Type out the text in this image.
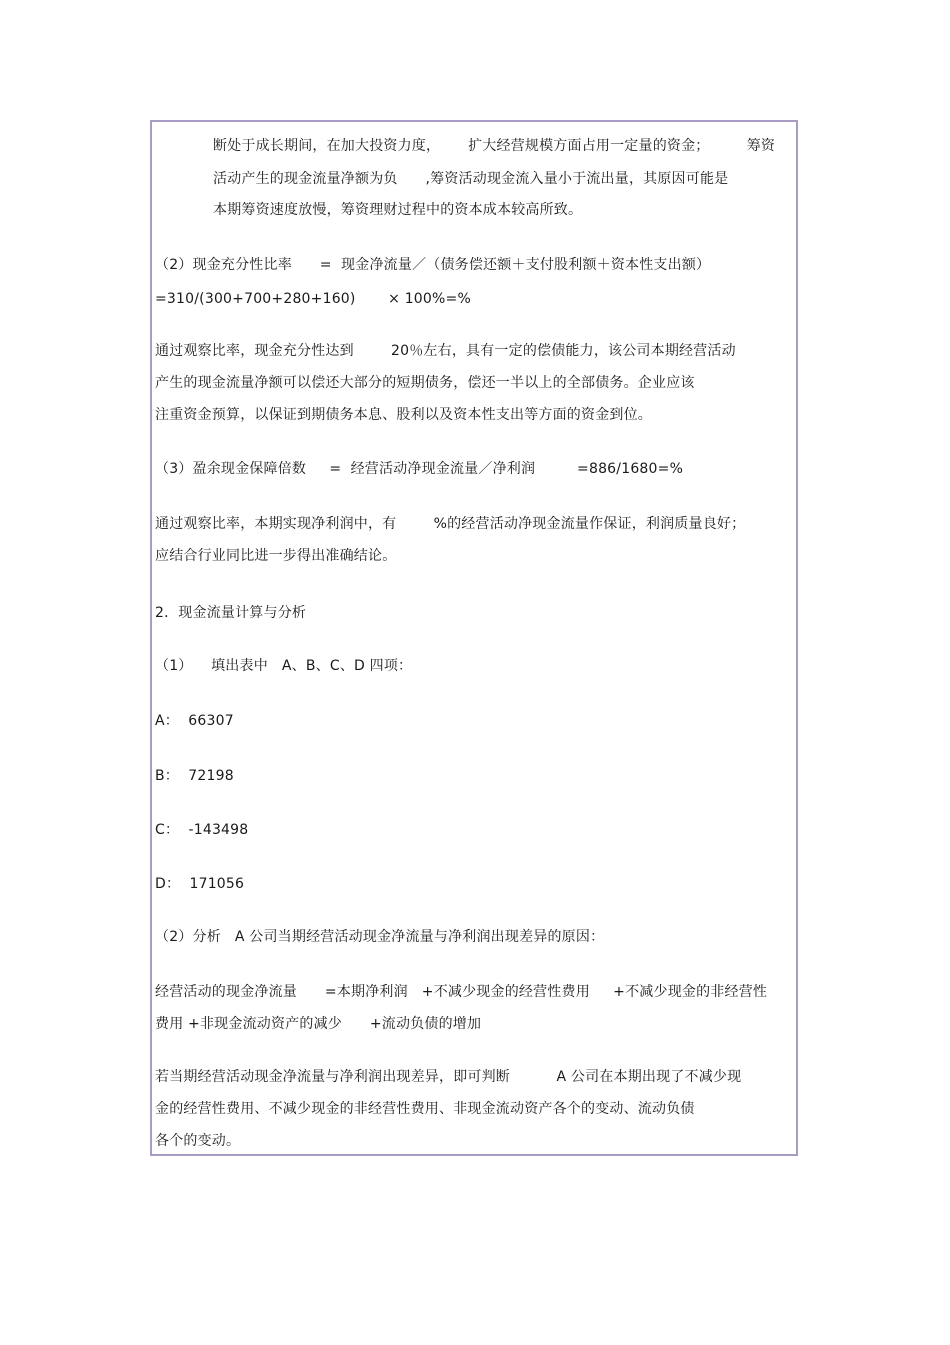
断处于成长期间，在加大投资力度，      扩大经营规模方面占用一定量的资金；        筹资
活动产生的现金流量净额为负      ,筹资活动现金流入量小于流出量，其原因可能是
本期筹资速度放慢，筹资理财过程中的资本成本较高所致。
（2）现金充分性比率      =  现金净流量／（债务偿还额＋支付股利额＋资本性支出额）
=310/(300+700+280+160)       × 100%=%
通过观察比率，现金充分性达到        20％左右，具有一定的偿债能力，该公司本期经营活动
产生的现金流量净额可以偿还大部分的短期债务，偿还一半以上的全部债务。企业应该
注重资金预算，以保证到期债务本息、股利以及资本性支出等方面的资金到位。
（3）盈余现金保障倍数     =  经营活动净现金流量／净利润         =886/1680=%
通过观察比率，本期实现净利润中，有        %的经营活动净现金流量作保证，利润质量良好；
应结合行业同比进一步得出准确结论。
2．现金流量计算与分析
（1）    填出表中   A、B、C、D 四项：
A：  66307
B：  72198
C：  -143498
D：  171056
（2）分析   A 公司当期经营活动现金净流量与净利润出现差异的原因：
经营活动的现金净流量      =本期净利润   +不减少现金的经营性费用     +不减少现金的非经营性
费用 +非现金流动资产的减少      +流动负债的增加
若当期经营活动现金净流量与净利润出现差异，即可判断          A 公司在本期出现了不减少现
金的经营性费用、不减少现金的非经营性费用、非现金流动资产各个的变动、流动负债
各个的变动。
